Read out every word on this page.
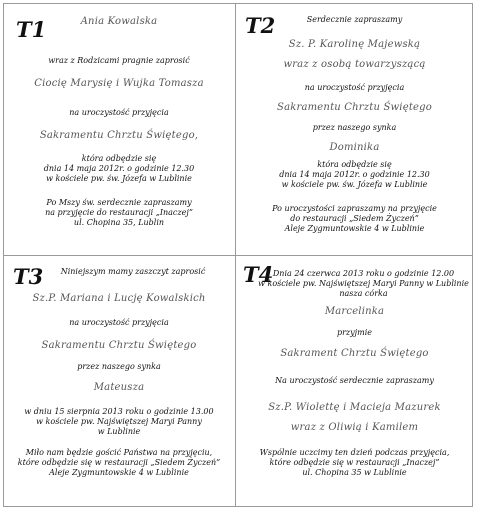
T1	Ania Kowalska
wraz z Rodzicami pragnie zaprosić
Ciocię Marysię i Wujka Tomasza
na uroczystość przyjęcia
Sakramentu Chrztu Świętego,
która odbędzie się
dnia 14 maja 2012r. o godzinie 12.30
w kościele pw. św. Józefa w Lublinie
Po Mszy św. serdecznie zapraszamy
na przyjęcie do restauracji „Inaczej”
ul. Chopina 35, Lublin
T2	Serdecznie zapraszamy
Sz. P. Karolinę Majewską
wraz z osobą towarzyszącą
na uroczystość przyjęcia
Sakramentu Chrztu Świętego
przez naszego synka
Dominika
która odbędzie się
dnia 14 maja 2012r. o godzinie 12.30
w kościele pw. św. Józefa w Lublinie
Po uroczystości zapraszamy na przyjęcie
do restauracji „Siedem Życzeń”
Aleje Zygmuntowskie 4 w Lublinie
T3	Niniejszym mamy zaszczyt zaprosić
Sz.P. Mariana i Lucję Kowalskich
na uroczystość przyjęcia
Sakramentu Chrztu Świętego
przez naszego synka
Mateusza
w dniu 15 sierpnia 2013 roku o godzinie 13.00
w kościele pw. Najświętszej Maryi Panny
w Lublinie
Miło nam będzie gościć Państwa na przyjęciu,
które odbędzie się w restauracji „Siedem Życzeń”
Aleje Zygmuntowskie 4 w Lublinie
T4 Dnia 24 czerwca 2013 roku o godzinie 12.00
w kościele pw. Najświętszej Maryi Panny w Lublinie
nasza córka
Marcelinka
przyjmie
Sakrament Chrztu Świętego
Na uroczystość serdecznie zapraszamy
Sz.P. Wiolettę i Macieja Mazurek
wraz z Oliwią i Kamilem
Wspólnie uczcimy ten dzień podczas przyjęcia,
które odbędzie się w restauracji „Inaczej”
ul. Chopina 35 w Lublinie
